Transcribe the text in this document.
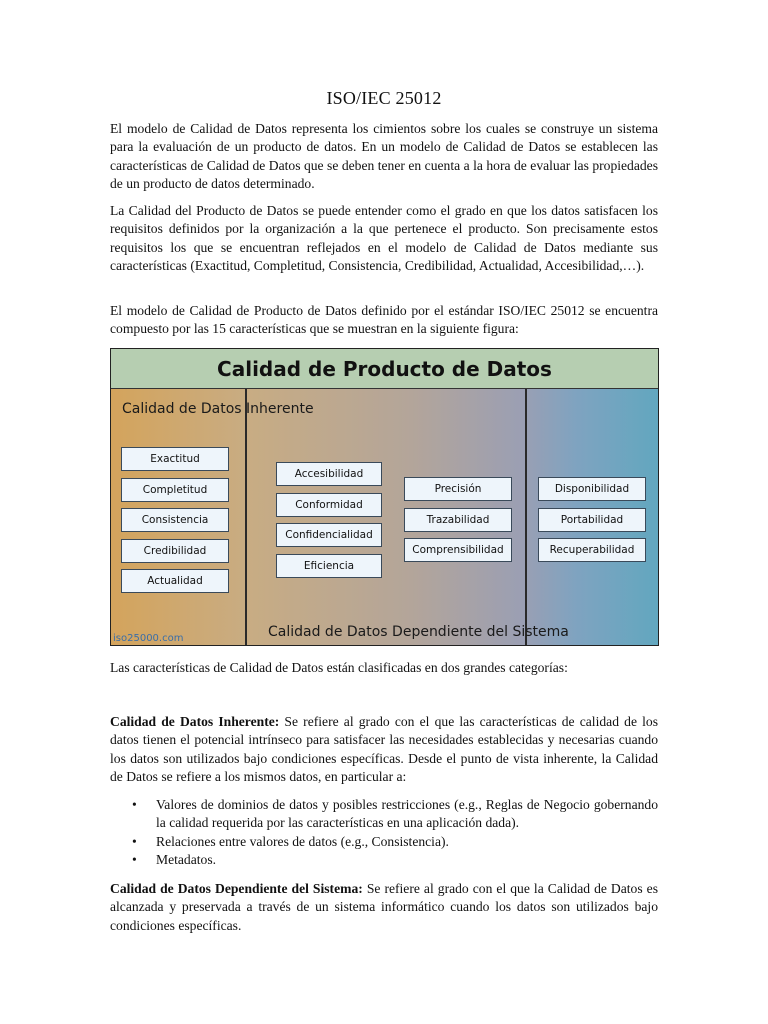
ISO/IEC 25012

El modelo de Calidad de Datos representa los cimientos sobre los cuales se construye un sistema para la evaluación de un producto de datos. En un modelo de Calidad de Datos se establecen las características de Calidad de Datos que se deben tener en cuenta a la hora de evaluar las propiedades de un producto de datos determinado.

La Calidad del Producto de Datos se puede entender como el grado en que los datos satisfacen los requisitos definidos por la organización a la que pertenece el producto. Son precisamente estos requisitos los que se encuentran reflejados en el modelo de Calidad de Datos mediante sus características (Exactitud, Completitud, Consistencia, Credibilidad, Actualidad, Accesibilidad,…).

El modelo de Calidad de Producto de Datos definido por el estándar ISO/IEC 25012 se encuentra compuesto por las 15 características que se muestran en la siguiente figura:

Calidad de Producto de Datos
Calidad de Datos Inherente
Calidad de Datos Dependiente del Sistema
iso25000.com
Exactitud
Completitud
Consistencia
Credibilidad
Actualidad
Accesibilidad
Conformidad
Confidencialidad
Eficiencia
Precisión
Trazabilidad
Comprensibilidad
Disponibilidad
Portabilidad
Recuperabilidad

Las características de Calidad de Datos están clasificadas en dos grandes categorías:

Calidad de Datos Inherente: Se refiere al grado con el que las características de calidad de los datos tienen el potencial intrínseco para satisfacer las necesidades establecidas y necesarias cuando los datos son utilizados bajo condiciones específicas. Desde el punto de vista inherente, la Calidad de Datos se refiere a los mismos datos, en particular a:

• Valores de dominios de datos y posibles restricciones (e.g., Reglas de Negocio gobernando la calidad requerida por las características en una aplicación dada).
• Relaciones entre valores de datos (e.g., Consistencia).
• Metadatos.

Calidad de Datos Dependiente del Sistema: Se refiere al grado con el que la Calidad de Datos es alcanzada y preservada a través de un sistema informático cuando los datos son utilizados bajo condiciones específicas.
